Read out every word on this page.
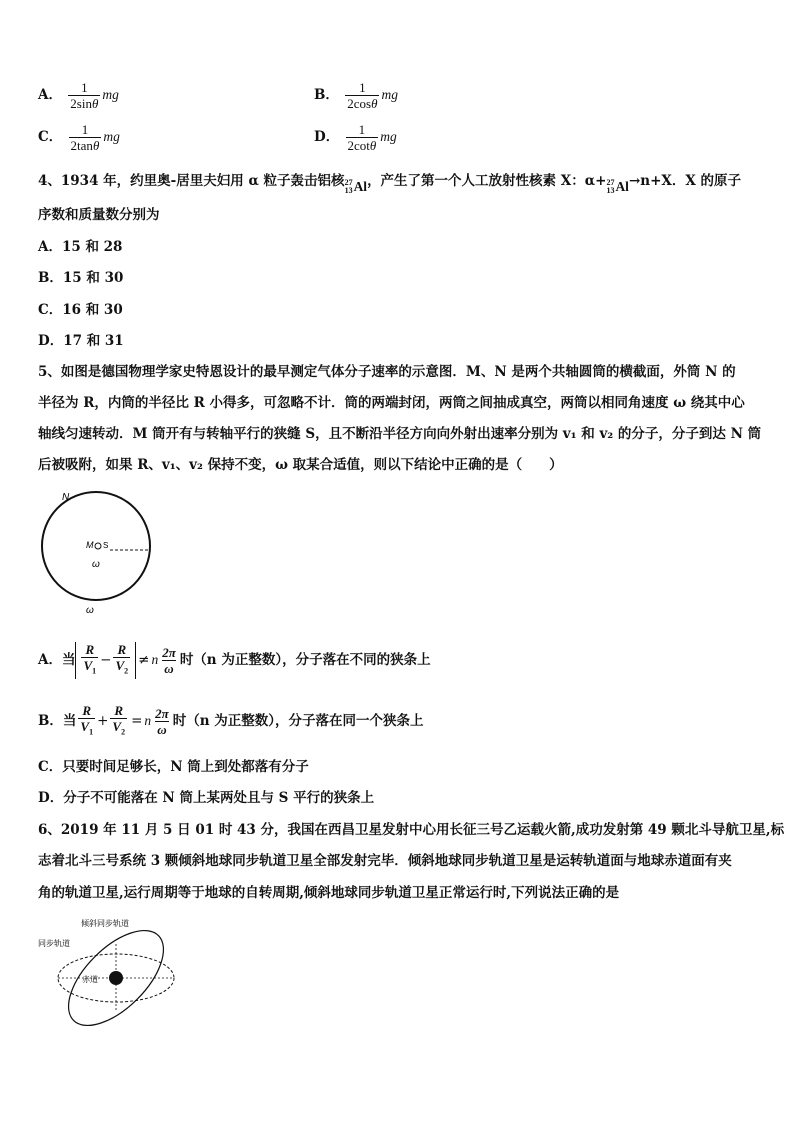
A． $\frac{1}{2\sin\theta}$ mg	B． $\frac{1}{2\cos\theta}$ mg
C． $\frac{1}{2\tan\theta}$ mg	D． $\frac{1}{2\cot\theta}$ mg
4、1934 年，约里奥-居里夫妇用 α 粒子轰击铝核 27
13 Al ，产生了第一个人工放射性核素 X：α+ 27
13 Al →n+X．X 的原子
序数和质量数分别为
A．15 和 28
B．15 和 30
C．16 和 30
D．17 和 31
5、如图是德国物理学家史特恩设计的最早测定气体分子速率的示意图．M、N 是两个共轴圆筒的横截面，外筒 N 的
半径为 R，内筒的半径比 R 小得多，可忽略不计．筒的两端封闭，两筒之间抽成真空，两筒以相同角速度 ω 绕其中心
轴线匀速转动．M 筒开有与转轴平行的狭缝 S，且不断沿半径方向向外射出速率分别为 v₁ 和 v₂ 的分子，分子到达 N 筒
后被吸附，如果 R、v₁、v₂ 保持不变，ω 取某合适值，则以下结论中正确的是（　　）
N
M S
ω
ω
A．当 $\frac{R}{V_1} - \frac{R}{V_2} \ne n \frac{2\pi}{\omega}$ 时（n 为正整数），分子落在不同的狭条上
B．当 $\frac{R}{V_1} + \frac{R}{V_2} = n \frac{2\pi}{\omega}$ 时（n 为正整数），分子落在同一个狭条上
C．只要时间足够长，N 筒上到处都落有分子
D．分子不可能落在 N 筒上某两处且与 S 平行的狭条上
6、2019 年 11 月 5 日 01 时 43 分，我国在西昌卫星发射中心用长征三号乙运载火箭,成功发射第 49 颗北斗导航卫星,标
志着北斗三号系统 3 颗倾斜地球同步轨道卫星全部发射完毕．倾斜地球同步轨道卫星是运转轨道面与地球赤道面有夹
角的轨道卫星,运行周期等于地球的自转周期,倾斜地球同步轨道卫星正常运行时,下列说法正确的是
倾斜同步轨道
同步轨道
赤道
